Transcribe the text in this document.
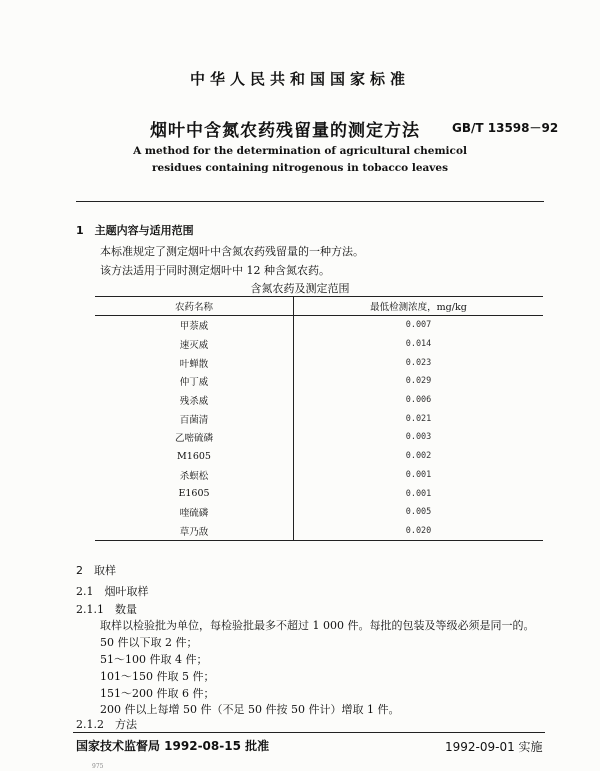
中华人民共和国国家标准
烟叶中含氮农药残留量的测定方法	GB/T 13598－92
A method for the determination of agricultural chemicol
residues containing nitrogenous in tobacco leaves
1　主题内容与适用范围
本标准规定了测定烟叶中含氮农药残留量的一种方法。
该方法适用于同时测定烟叶中 12 种含氮农药。
含氮农药及测定范围
农药名称	最低检测浓度，mg/kg
甲萘威	0.007
速灭威	0.014
叶蝉散	0.023
仲丁威	0.029
残杀威	0.006
百菌清	0.021
乙嘧硫磷	0.003
M1605	0.002
杀螟松	0.001
E1605	0.001
喹硫磷	0.005
草乃敌	0.020
2　取样
2.1　烟叶取样
2.1.1　数量
取样以检验批为单位，每检验批最多不超过 1 000 件。每批的包装及等级必须是同一的。
50 件以下取 2 件；
51～100 件取 4 件；
101～150 件取 5 件；
151～200 件取 6 件；
200 件以上每增 50 件（不足 50 件按 50 件计）增取 1 件。
2.1.2　方法
国家技术监督局 1992-08-15 批准	1992-09-01 实施
975
